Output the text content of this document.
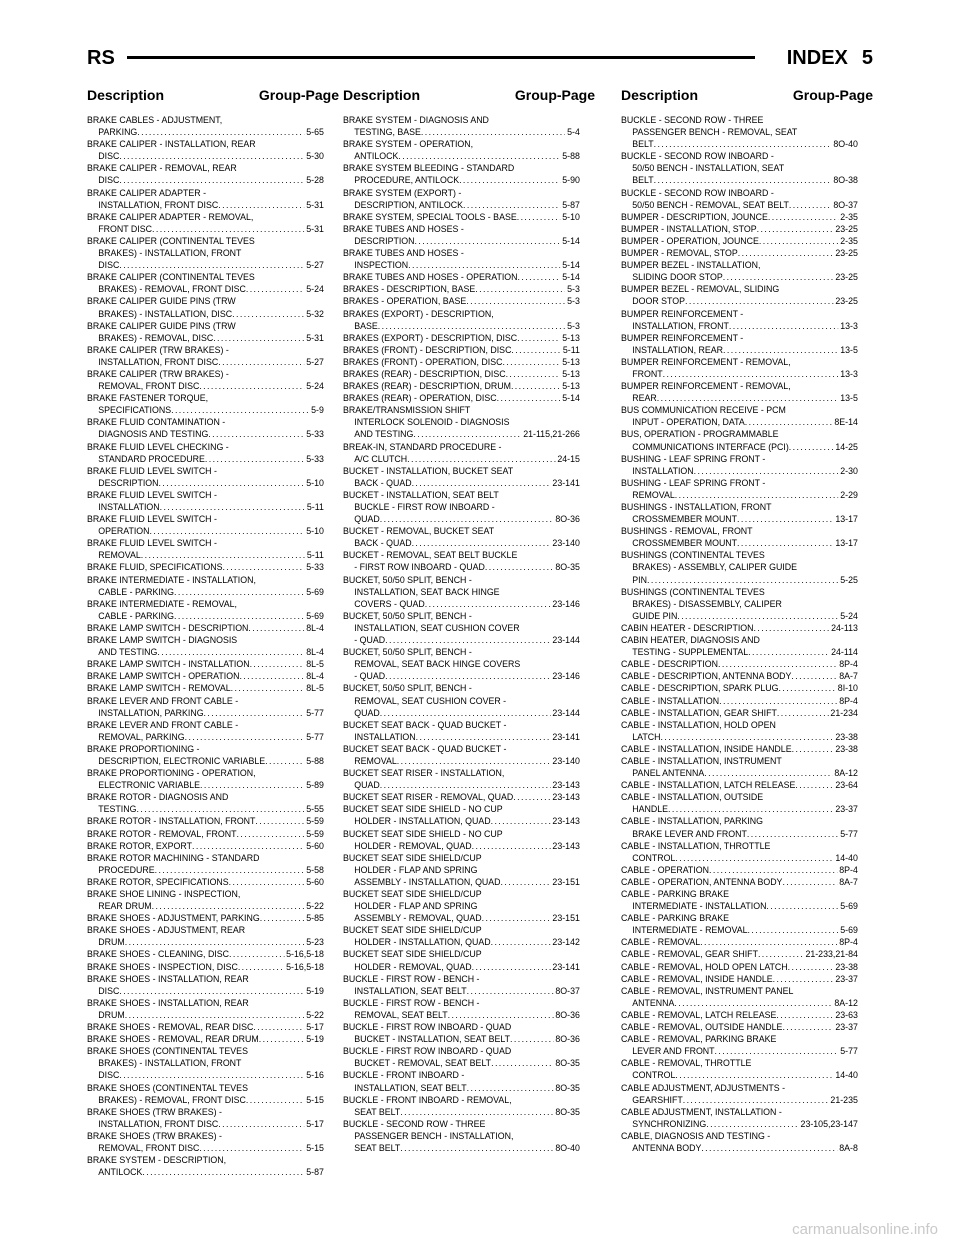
RS	INDEX 5
Description	Group-Page Description	Group-Page Description	Group-Page
BRAKE CABLES - ADJUSTMENT,
PARKING .....	5-65
BRAKE CALIPER - INSTALLATION, REAR
DISC .....	5-30
BRAKE CALIPER - REMOVAL, REAR
DISC .....	5-28
BRAKE CALIPER ADAPTER -
INSTALLATION, FRONT DISC .....	5-31
BRAKE CALIPER ADAPTER - REMOVAL,
FRONT DISC .....	5-31
BRAKE CALIPER (CONTINENTAL TEVES
BRAKES) - INSTALLATION, FRONT
DISC .....	5-27
BRAKE CALIPER (CONTINENTAL TEVES
BRAKES) - REMOVAL, FRONT DISC .....	5-24
BRAKE CALIPER GUIDE PINS (TRW
BRAKES) - INSTALLATION, DISC .....	5-32
BRAKE CALIPER GUIDE PINS (TRW
BRAKES) - REMOVAL, DISC .....	5-31
BRAKE CALIPER (TRW BRAKES) -
INSTALLATION, FRONT DISC .....	5-27
BRAKE CALIPER (TRW BRAKES) -
REMOVAL, FRONT DISC .....	5-24
BRAKE FASTENER TORQUE,
SPECIFICATIONS .....	5-9
BRAKE FLUID CONTAMINATION -
DIAGNOSIS AND TESTING .....	5-33
BRAKE FLUID LEVEL CHECKING -
STANDARD PROCEDURE .....	5-33
BRAKE FLUID LEVEL SWITCH -
DESCRIPTION .....	5-10
BRAKE FLUID LEVEL SWITCH -
INSTALLATION .....	5-11
BRAKE FLUID LEVEL SWITCH -
OPERATION .....	5-10
BRAKE FLUID LEVEL SWITCH -
REMOVAL .....	5-11
BRAKE FLUID, SPECIFICATIONS .....	5-33
BRAKE INTERMEDIATE - INSTALLATION,
CABLE - PARKING .....	5-69
BRAKE INTERMEDIATE - REMOVAL,
CABLE - PARKING .....	5-69
BRAKE LAMP SWITCH - DESCRIPTION .....	8L-4
BRAKE LAMP SWITCH - DIAGNOSIS
AND TESTING .....	8L-4
BRAKE LAMP SWITCH - INSTALLATION .....	8L-5
BRAKE LAMP SWITCH - OPERATION .....	8L-4
BRAKE LAMP SWITCH - REMOVAL .....	8L-5
BRAKE LEVER AND FRONT CABLE -
INSTALLATION, PARKING .....	5-77
BRAKE LEVER AND FRONT CABLE -
REMOVAL, PARKING .....	5-77
BRAKE PROPORTIONING -
DESCRIPTION, ELECTRONIC VARIABLE .....	5-88
BRAKE PROPORTIONING - OPERATION,
ELECTRONIC VARIABLE .....	5-89
BRAKE ROTOR - DIAGNOSIS AND
TESTING .....	5-55
BRAKE ROTOR - INSTALLATION, FRONT .....	5-59
BRAKE ROTOR - REMOVAL, FRONT .....	5-59
BRAKE ROTOR, EXPORT .....	5-60
BRAKE ROTOR MACHINING - STANDARD
PROCEDURE .....	5-58
BRAKE ROTOR, SPECIFICATIONS .....	5-60
BRAKE SHOE LINING - INSPECTION,
REAR DRUM .....	5-22
BRAKE SHOES - ADJUSTMENT, PARKING .....	5-85
BRAKE SHOES - ADJUSTMENT, REAR
DRUM .....	5-23
BRAKE SHOES - CLEANING, DISC .....	5-16,5-18
BRAKE SHOES - INSPECTION, DISC .....	5-16,5-18
BRAKE SHOES - INSTALLATION, REAR
DISC .....	5-19
BRAKE SHOES - INSTALLATION, REAR
DRUM .....	5-22
BRAKE SHOES - REMOVAL, REAR DISC .....	5-17
BRAKE SHOES - REMOVAL, REAR DRUM .....	5-19
BRAKE SHOES (CONTINENTAL TEVES
BRAKES) - INSTALLATION, FRONT
DISC .....	5-16
BRAKE SHOES (CONTINENTAL TEVES
BRAKES) - REMOVAL, FRONT DISC .....	5-15
BRAKE SHOES (TRW BRAKES) -
INSTALLATION, FRONT DISC .....	5-17
BRAKE SHOES (TRW BRAKES) -
REMOVAL, FRONT DISC .....	5-15
BRAKE SYSTEM - DESCRIPTION,
ANTILOCK .....	5-87
BRAKE SYSTEM - DIAGNOSIS AND
TESTING, BASE .....	5-4
BRAKE SYSTEM - OPERATION,
ANTILOCK .....	5-88
BRAKE SYSTEM BLEEDING - STANDARD
PROCEDURE, ANTILOCK .....	5-90
BRAKE SYSTEM (EXPORT) -
DESCRIPTION, ANTILOCK .....	5-87
BRAKE SYSTEM, SPECIAL TOOLS - BASE .....	5-10
BRAKE TUBES AND HOSES -
DESCRIPTION .....	5-14
BRAKE TUBES AND HOSES -
INSPECTION .....	5-14
BRAKE TUBES AND HOSES - OPERATION .....	5-14
BRAKES - DESCRIPTION, BASE .....	5-3
BRAKES - OPERATION, BASE .....	5-3
BRAKES (EXPORT) - DESCRIPTION,
BASE .....	5-3
BRAKES (EXPORT) - DESCRIPTION, DISC .....	5-13
BRAKES (FRONT) - DESCRIPTION, DISC .....	5-11
BRAKES (FRONT) - OPERATION, DISC .....	5-13
BRAKES (REAR) - DESCRIPTION, DISC .....	5-13
BRAKES (REAR) - DESCRIPTION, DRUM .....	5-13
BRAKES (REAR) - OPERATION, DISC .....	5-14
BRAKE/TRANSMISSION SHIFT
INTERLOCK SOLENOID - DIAGNOSIS
AND TESTING .....	21-115,21-266
BREAK-IN, STANDARD PROCEDURE -
A/C CLUTCH .....	24-15
BUCKET - INSTALLATION, BUCKET SEAT
BACK - QUAD .....	23-141
BUCKET - INSTALLATION, SEAT BELT
BUCKLE - FIRST ROW INBOARD -
QUAD .....	8O-36
BUCKET - REMOVAL, BUCKET SEAT
BACK - QUAD .....	23-140
BUCKET - REMOVAL, SEAT BELT BUCKLE
- FIRST ROW INBOARD - QUAD .....	8O-35
BUCKET, 50/50 SPLIT, BENCH -
INSTALLATION, SEAT BACK HINGE
COVERS - QUAD .....	23-146
BUCKET, 50/50 SPLIT, BENCH -
INSTALLATION, SEAT CUSHION COVER
- QUAD .....	23-144
BUCKET, 50/50 SPLIT, BENCH -
REMOVAL, SEAT BACK HINGE COVERS
- QUAD .....	23-146
BUCKET, 50/50 SPLIT, BENCH -
REMOVAL, SEAT CUSHION COVER -
QUAD .....	23-144
BUCKET SEAT BACK - QUAD BUCKET -
INSTALLATION .....	23-141
BUCKET SEAT BACK - QUAD BUCKET -
REMOVAL .....	23-140
BUCKET SEAT RISER - INSTALLATION,
QUAD .....	23-143
BUCKET SEAT RISER - REMOVAL, QUAD .....	23-143
BUCKET SEAT SIDE SHIELD - NO CUP
HOLDER - INSTALLATION, QUAD .....	23-143
BUCKET SEAT SIDE SHIELD - NO CUP
HOLDER - REMOVAL, QUAD .....	23-143
BUCKET SEAT SIDE SHIELD/CUP
HOLDER - FLAP AND SPRING
ASSEMBLY - INSTALLATION, QUAD .....	23-151
BUCKET SEAT SIDE SHIELD/CUP
HOLDER - FLAP AND SPRING
ASSEMBLY - REMOVAL, QUAD .....	23-151
BUCKET SEAT SIDE SHIELD/CUP
HOLDER - INSTALLATION, QUAD .....	23-142
BUCKET SEAT SIDE SHIELD/CUP
HOLDER - REMOVAL, QUAD .....	23-141
BUCKLE - FIRST ROW - BENCH -
INSTALLATION, SEAT BELT .....	8O-37
BUCKLE - FIRST ROW - BENCH -
REMOVAL, SEAT BELT .....	8O-36
BUCKLE - FIRST ROW INBOARD - QUAD
BUCKET - INSTALLATION, SEAT BELT .....	8O-36
BUCKLE - FIRST ROW INBOARD - QUAD
BUCKET - REMOVAL, SEAT BELT .....	8O-35
BUCKLE - FRONT INBOARD -
INSTALLATION, SEAT BELT .....	8O-35
BUCKLE - FRONT INBOARD - REMOVAL,
SEAT BELT .....	8O-35
BUCKLE - SECOND ROW - THREE
PASSENGER BENCH - INSTALLATION,
SEAT BELT .....	8O-40
BUCKLE - SECOND ROW - THREE
PASSENGER BENCH - REMOVAL, SEAT
BELT .....	8O-40
BUCKLE - SECOND ROW INBOARD -
50/50 BENCH - INSTALLATION, SEAT
BELT .....	8O-38
BUCKLE - SECOND ROW INBOARD -
50/50 BENCH - REMOVAL, SEAT BELT .....	8O-37
BUMPER - DESCRIPTION, JOUNCE .....	2-35
BUMPER - INSTALLATION, STOP .....	23-25
BUMPER - OPERATION, JOUNCE .....	2-35
BUMPER - REMOVAL, STOP .....	23-25
BUMPER BEZEL - INSTALLATION,
SLIDING DOOR STOP .....	23-25
BUMPER BEZEL - REMOVAL, SLIDING
DOOR STOP .....	23-25
BUMPER REINFORCEMENT -
INSTALLATION, FRONT .....	13-3
BUMPER REINFORCEMENT -
INSTALLATION, REAR .....	13-5
BUMPER REINFORCEMENT - REMOVAL,
FRONT .....	13-3
BUMPER REINFORCEMENT - REMOVAL,
REAR .....	13-5
BUS COMMUNICATION RECEIVE - PCM
INPUT - OPERATION, DATA .....	8E-14
BUS, OPERATION - PROGRAMMABLE
COMMUNICATIONS INTERFACE (PCI) .....	14-25
BUSHING - LEAF SPRING FRONT -
INSTALLATION .....	2-30
BUSHING - LEAF SPRING FRONT -
REMOVAL .....	2-29
BUSHINGS - INSTALLATION, FRONT
CROSSMEMBER MOUNT .....	13-17
BUSHINGS - REMOVAL, FRONT
CROSSMEMBER MOUNT .....	13-17
BUSHINGS (CONTINENTAL TEVES
BRAKES) - ASSEMBLY, CALIPER GUIDE
PIN .....	5-25
BUSHINGS (CONTINENTAL TEVES
BRAKES) - DISASSEMBLY, CALIPER
GUIDE PIN .....	5-24
CABIN HEATER - DESCRIPTION .....	24-113
CABIN HEATER, DIAGNOSIS AND
TESTING - SUPPLEMENTAL .....	24-114
CABLE - DESCRIPTION .....	8P-4
CABLE - DESCRIPTION, ANTENNA BODY .....	8A-7
CABLE - DESCRIPTION, SPARK PLUG .....	8I-10
CABLE - INSTALLATION .....	8P-4
CABLE - INSTALLATION, GEAR SHIFT .....	21-234
CABLE - INSTALLATION, HOLD OPEN
LATCH .....	23-38
CABLE - INSTALLATION, INSIDE HANDLE .....	23-38
CABLE - INSTALLATION, INSTRUMENT
PANEL ANTENNA .....	8A-12
CABLE - INSTALLATION, LATCH RELEASE .....	23-64
CABLE - INSTALLATION, OUTSIDE
HANDLE .....	23-37
CABLE - INSTALLATION, PARKING
BRAKE LEVER AND FRONT .....	5-77
CABLE - INSTALLATION, THROTTLE
CONTROL .....	14-40
CABLE - OPERATION .....	8P-4
CABLE - OPERATION, ANTENNA BODY .....	8A-7
CABLE - PARKING BRAKE
INTERMEDIATE - INSTALLATION .....	5-69
CABLE - PARKING BRAKE
INTERMEDIATE - REMOVAL .....	5-69
CABLE - REMOVAL .....	8P-4
CABLE - REMOVAL, GEAR SHIFT .....	21-233,21-84
CABLE - REMOVAL, HOLD OPEN LATCH .....	23-38
CABLE - REMOVAL, INSIDE HANDLE .....	23-37
CABLE - REMOVAL, INSTRUMENT PANEL
ANTENNA .....	8A-12
CABLE - REMOVAL, LATCH RELEASE .....	23-63
CABLE - REMOVAL, OUTSIDE HANDLE .....	23-37
CABLE - REMOVAL, PARKING BRAKE
LEVER AND FRONT .....	5-77
CABLE - REMOVAL, THROTTLE
CONTROL .....	14-40
CABLE ADJUSTMENT, ADJUSTMENTS -
GEARSHIFT .....	21-235
CABLE ADJUSTMENT, INSTALLATION -
SYNCHRONIZING .....	23-105,23-147
CABLE, DIAGNOSIS AND TESTING -
ANTENNA BODY .....	8A-8
carmanualsonline.info
